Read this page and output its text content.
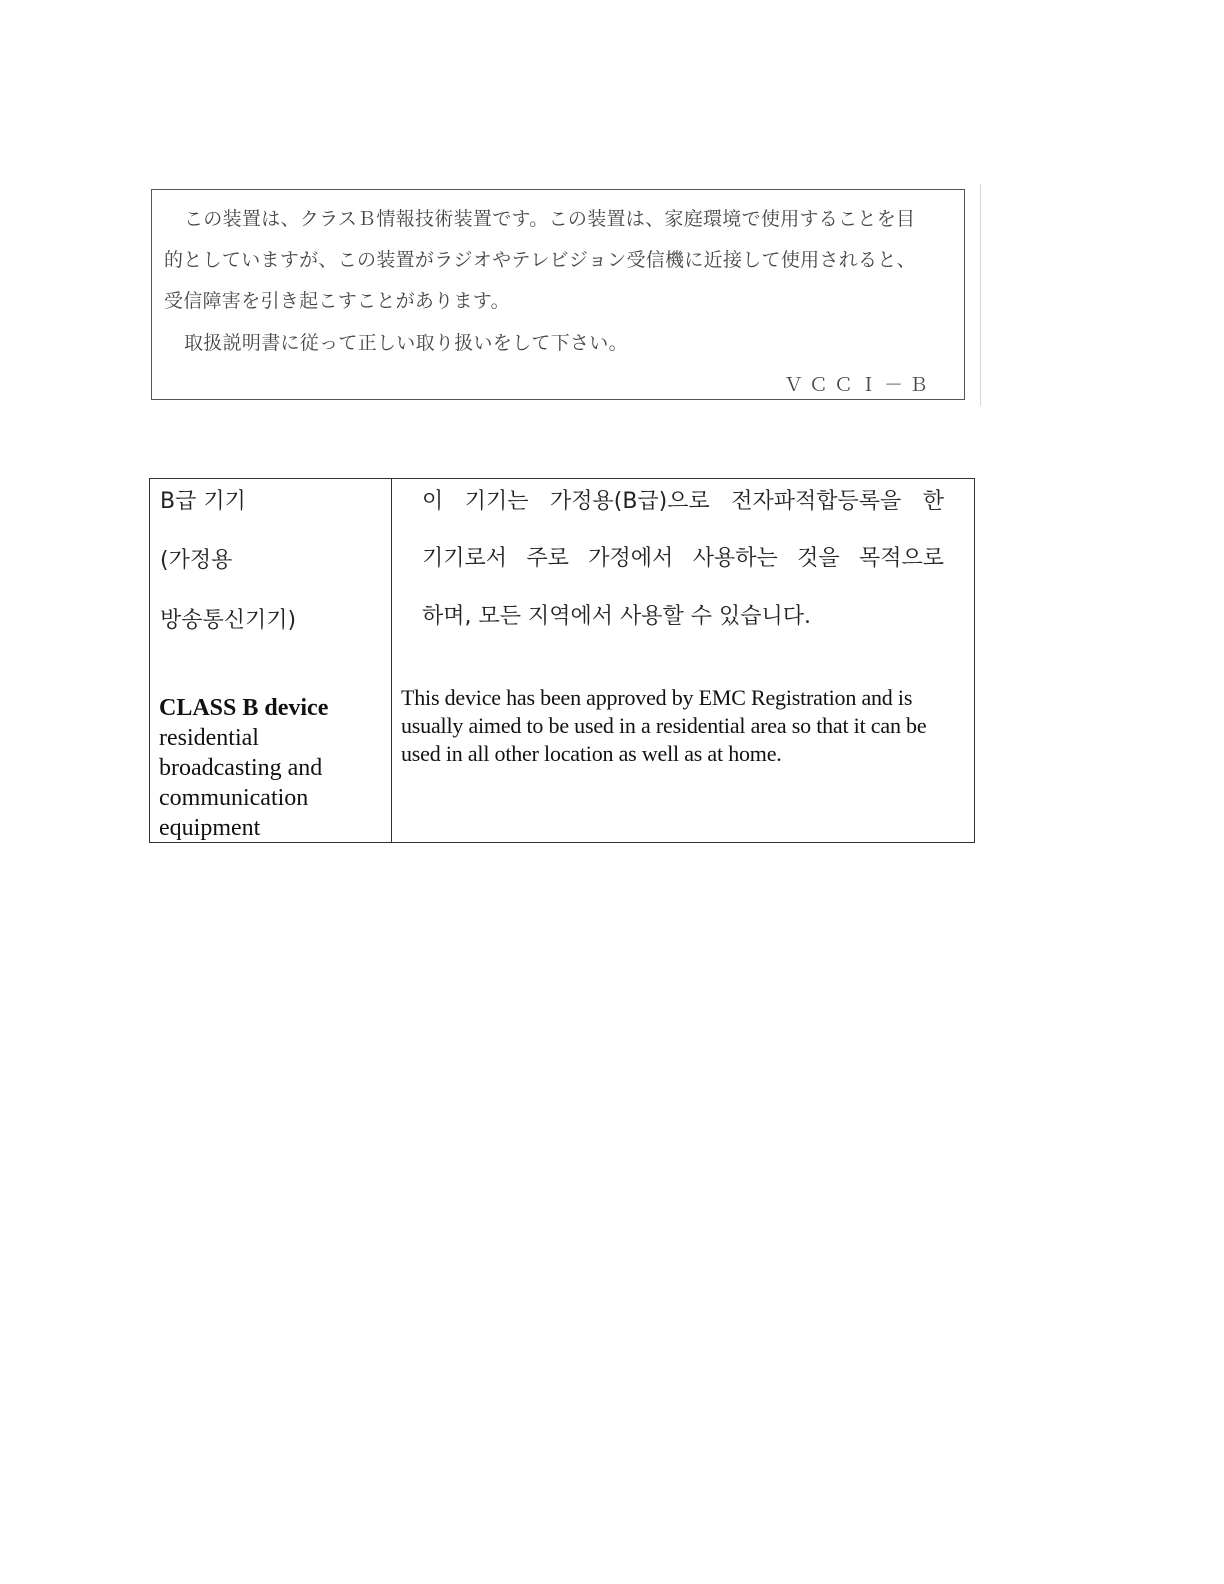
この装置は、クラスＢ情報技術装置です。この装置は、家庭環境で使用することを目
的としていますが、この装置がラジオやテレビジョン受信機に近接して使用されると、
受信障害を引き起こすことがあります。
取扱説明書に従って正しい取り扱いをして下さい。
ＶＣＣＩ－Ｂ
B급 기기
(가정용
방송통신기기)
이 기기는 가정용(B급)으로 전자파적합등록을 한
기기로서 주로 가정에서 사용하는 것을 목적으로
하며, 모든 지역에서 사용할 수 있습니다.
CLASS B device
residential broadcasting and communication equipment
This device has been approved by EMC Registration and is usually aimed to be used in a residential area so that it can be used in all other location as well as at home.
